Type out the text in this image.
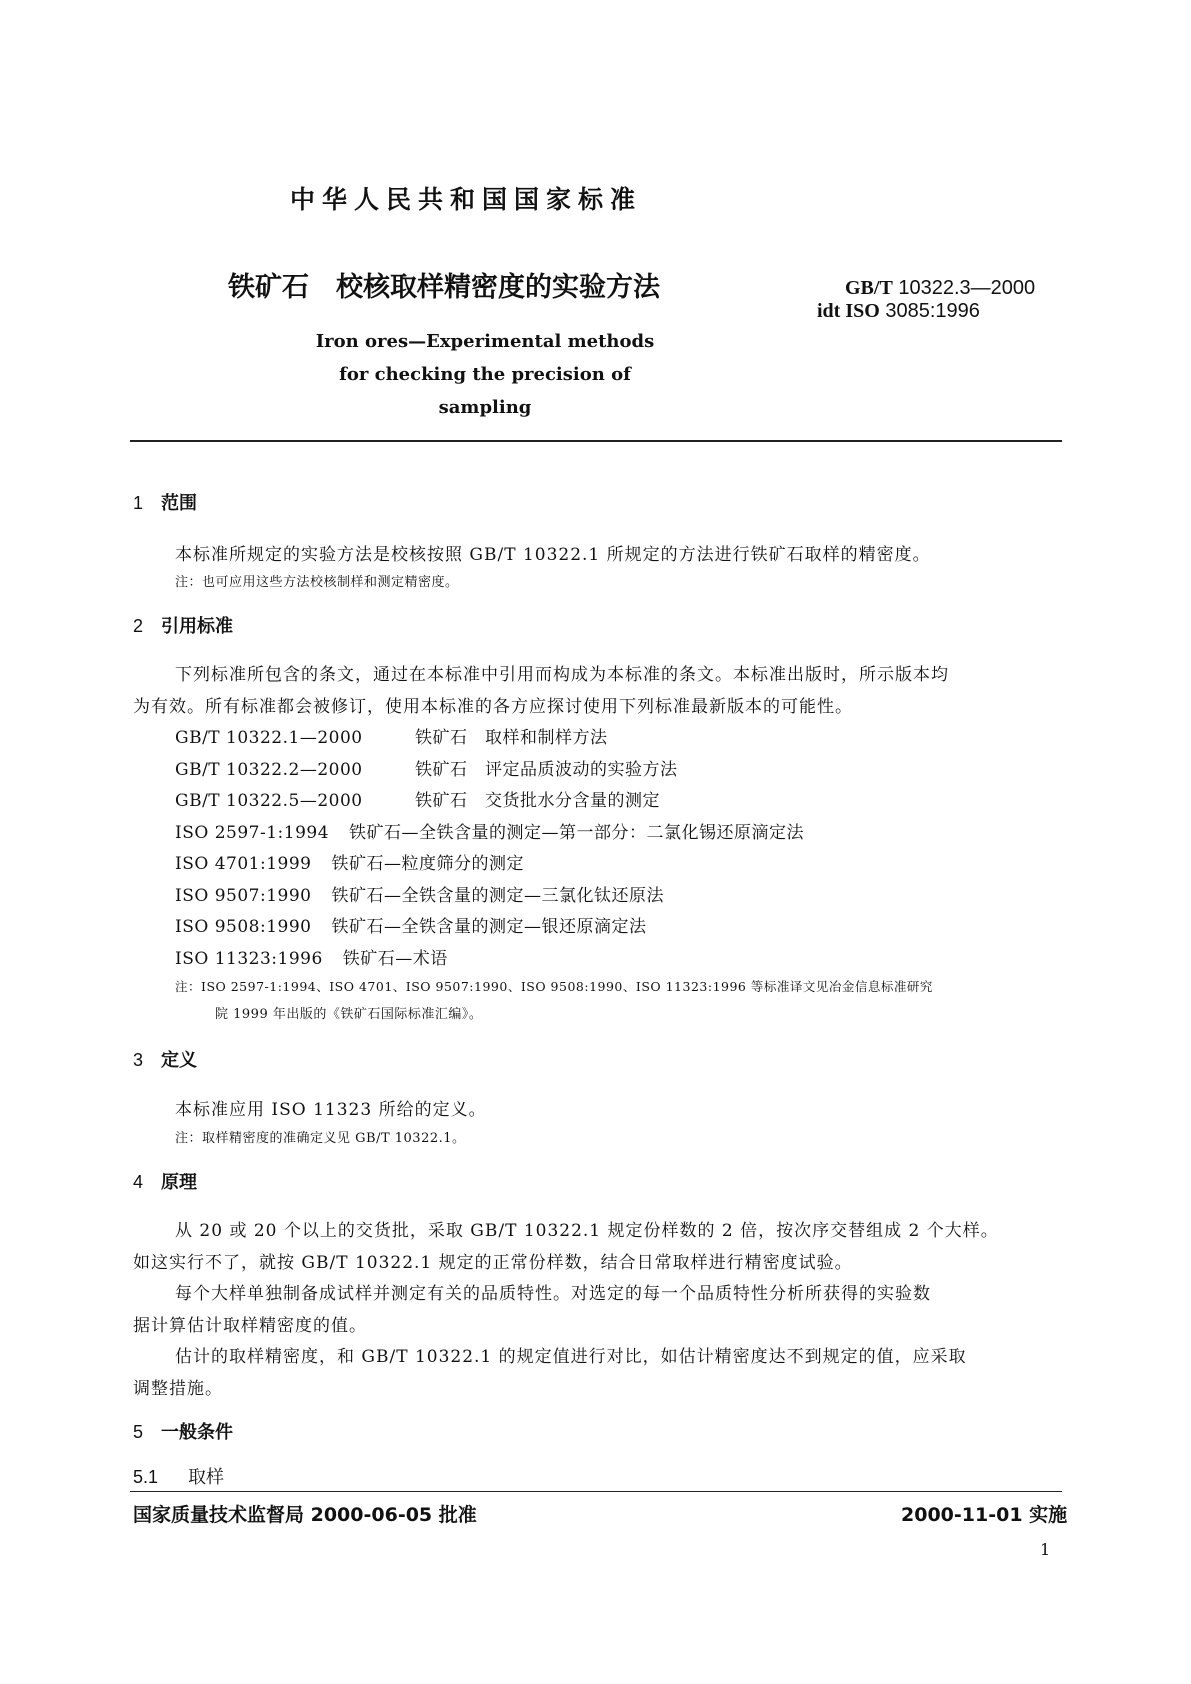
中华人民共和国国家标准
铁矿石　校核取样精密度的实验方法	GB/T 10322.3—2000
idt ISO 3085:1996
Iron ores—Experimental methods for checking the precision of sampling
1 范围
本标准所规定的实验方法是校核按照 GB/T 10322.1 所规定的方法进行铁矿石取样的精密度。
注：也可应用这些方法校核制样和测定精密度。
2 引用标准
下列标准所包含的条文，通过在本标准中引用而构成为本标准的条文。本标准出版时，所示版本均
为有效。所有标准都会被修订，使用本标准的各方应探讨使用下列标准最新版本的可能性。
GB/T 10322.1—2000	铁矿石　取样和制样方法
GB/T 10322.2—2000	铁矿石　评定品质波动的实验方法
GB/T 10322.5—2000	铁矿石　交货批水分含量的测定
ISO 2597-1:1994 铁矿石—全铁含量的测定—第一部分：二氯化锡还原滴定法
ISO 4701:1999 铁矿石—粒度筛分的测定
ISO 9507:1990 铁矿石—全铁含量的测定—三氯化钛还原法
ISO 9508:1990 铁矿石—全铁含量的测定—银还原滴定法
ISO 11323:1996 铁矿石—术语
注：ISO 2597-1:1994、ISO 4701、ISO 9507:1990、ISO 9508:1990、ISO 11323:1996 等标准译文见冶金信息标准研究
院 1999 年出版的《铁矿石国际标准汇编》。
3 定义
本标准应用 ISO 11323 所给的定义。
注：取样精密度的准确定义见 GB/T 10322.1。
4 原理
从 20 或 20 个以上的交货批，采取 GB/T 10322.1 规定份样数的 2 倍，按次序交替组成 2 个大样。
如这实行不了，就按 GB/T 10322.1 规定的正常份样数，结合日常取样进行精密度试验。
每个大样单独制备成试样并测定有关的品质特性。对选定的每一个品质特性分析所获得的实验数
据计算估计取样精密度的值。
估计的取样精密度，和 GB/T 10322.1 的规定值进行对比，如估计精密度达不到规定的值，应采取
调整措施。
5 一般条件
5.1 取样
国家质量技术监督局 2000-06-05 批准	2000-11-01 实施
1
